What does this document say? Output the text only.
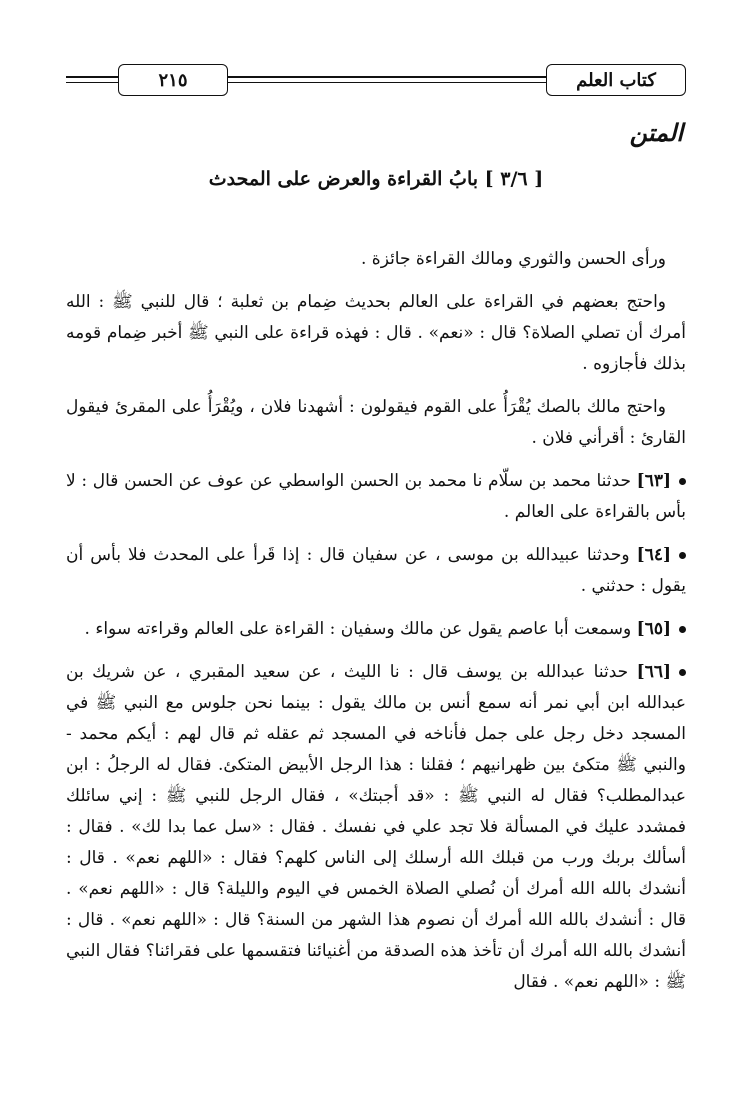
كتاب العلم
٢١٥
المتن
[ ٣/٦ ] بابُ القراءة والعرض على المحدث

ورأى الحسن والثوري ومالك القراءة جائزة .

واحتج بعضهم في القراءة على العالم بحديث ضِمام بن ثعلبة ؛ قال للنبي ﷺ : الله أمرك أن تصلي الصلاة؟ قال : «نعم» . قال : فهذه قراءة على النبي ﷺ أخبر ضِمام قومه بذلك فأجازوه .

واحتج مالك بالصك يُقْرَأُ على القوم فيقولون : أشهدنا فلان ، ويُقْرَأُ على المقرئ فيقول القارئ : أقرأني فلان .

[٦٣] حدثنا محمد بن سلّام نا محمد بن الحسن الواسطي عن عوف عن الحسن قال : لا بأس بالقراءة على العالم .

[٦٤] وحدثنا عبيدالله بن موسى ، عن سفيان قال : إذا قَرأ على المحدث فلا بأس أن يقول : حدثني .

[٦٥] وسمعت أبا عاصم يقول عن مالك وسفيان : القراءة على العالم وقراءته سواء .

[٦٦] حدثنا عبدالله بن يوسف قال : نا الليث ، عن سعيد المقبري ، عن شريك بن عبدالله ابن أبي نمر أنه سمع أنس بن مالك يقول : بينما نحن جلوس مع النبي ﷺ في المسجد دخل رجل على جمل فأناخه في المسجد ثم عقله ثم قال لهم : أيكم محمد - والنبي ﷺ متكئ بين ظهرانيهم ؛ فقلنا : هذا الرجل الأبيض المتكئ. فقال له الرجلُ : ابن عبدالمطلب؟ فقال له النبي ﷺ : «قد أجبتك» ، فقال الرجل للنبي ﷺ : إني سائلك فمشدد عليك في المسألة فلا تجد علي في نفسك . فقال : «سل عما بدا لك» . فقال : أسألك بربك ورب من قبلك الله أرسلك إلى الناس كلهم؟ فقال : «اللهم نعم» . قال : أنشدك بالله الله أمرك أن نُصلي الصلاة الخمس في اليوم والليلة؟ قال : «اللهم نعم» . قال : أنشدك بالله الله أمرك أن نصوم هذا الشهر من السنة؟ قال : «اللهم نعم» . قال : أنشدك بالله الله أمرك أن تأخذ هذه الصدقة من أغنيائنا فتقسمها على فقرائنا؟ فقال النبي ﷺ : «اللهم نعم» . فقال
